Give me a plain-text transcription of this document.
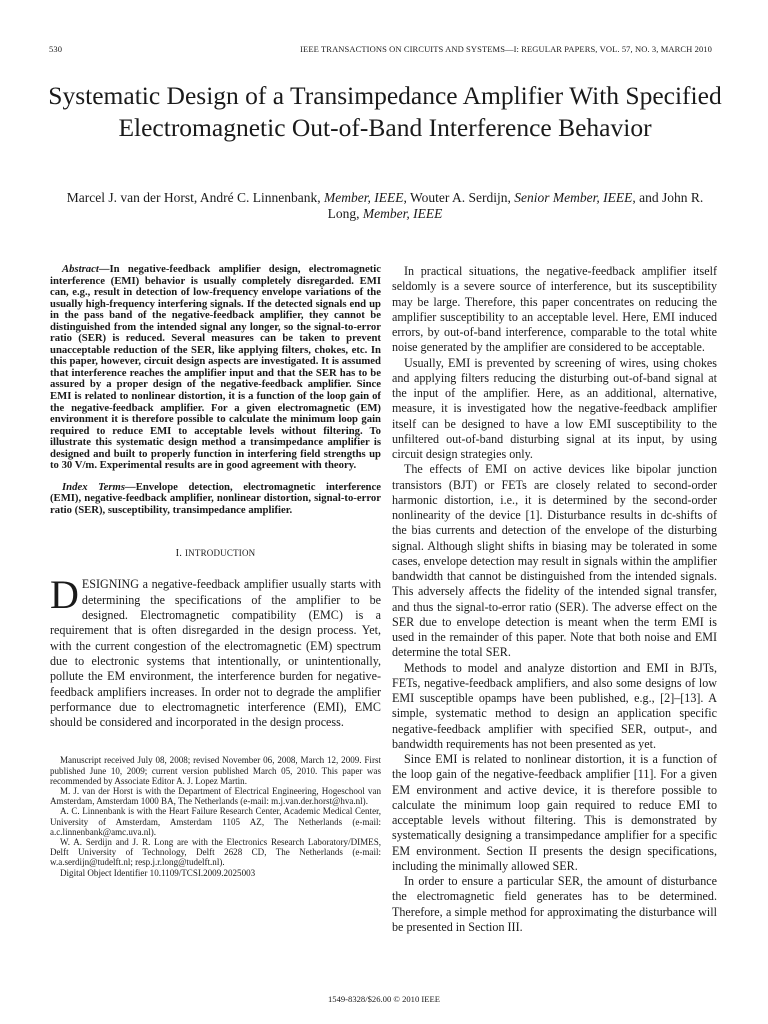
530	IEEE TRANSACTIONS ON CIRCUITS AND SYSTEMS—I: REGULAR PAPERS, VOL. 57, NO. 3, MARCH 2010
Systematic Design of a Transimpedance Amplifier With Specified Electromagnetic Out-of-Band Interference Behavior
Marcel J. van der Horst, André C. Linnenbank, Member, IEEE, Wouter A. Serdijn, Senior Member, IEEE, and John R. Long, Member, IEEE

Abstract—In negative-feedback amplifier design, electromagnetic interference (EMI) behavior is usually completely disregarded. EMI can, e.g., result in detection of low-frequency envelope variations of the usually high-frequency interfering signals. If the detected signals end up in the pass band of the negative-feedback amplifier, they cannot be distinguished from the intended signal any longer, so the signal-to-error ratio (SER) is reduced. Several measures can be taken to prevent unacceptable reduction of the SER, like applying filters, chokes, etc. In this paper, however, circuit design aspects are investigated. It is assumed that interference reaches the amplifier input and that the SER has to be assured by a proper design of the negative-feedback amplifier. Since EMI is related to nonlinear distortion, it is a function of the loop gain of the negative-feedback amplifier. For a given electromagnetic (EM) environment it is therefore possible to calculate the minimum loop gain required to reduce EMI to acceptable levels without filtering. To illustrate this systematic design method a transimpedance amplifier is designed and built to properly function in interfering field strengths up to 30 V/m. Experimental results are in good agreement with theory.

Index Terms—Envelope detection, electromagnetic interference (EMI), negative-feedback amplifier, nonlinear distortion, signal-to-error ratio (SER), susceptibility, transimpedance amplifier.

I. INTRODUCTION

DESIGNING a negative-feedback amplifier usually starts with determining the specifications of the amplifier to be designed. Electromagnetic compatibility (EMC) is a requirement that is often disregarded in the design process. Yet, with the current congestion of the electromagnetic (EM) spectrum due to electronic systems that intentionally, or unintentionally, pollute the EM environment, the interference burden for negative-feedback amplifiers increases. In order not to degrade the amplifier performance due to electromagnetic interference (EMI), EMC should be considered and incorporated in the design process.

Manuscript received July 08, 2008; revised November 06, 2008, March 12, 2009. First published June 10, 2009; current version published March 05, 2010. This paper was recommended by Associate Editor A. J. Lopez Martin.

M. J. van der Horst is with the Department of Electrical Engineering, Hogeschool van Amsterdam, Amsterdam 1000 BA, The Netherlands (e-mail: m.j.van.der.horst@hva.nl).

A. C. Linnenbank is with the Heart Failure Research Center, Academic Medical Center, University of Amsterdam, Amsterdam 1105 AZ, The Netherlands (e-mail: a.c.linnenbank@amc.uva.nl).

W. A. Serdijn and J. R. Long are with the Electronics Research Laboratory/DIMES, Delft University of Technology, Delft 2628 CD, The Netherlands (e-mail: w.a.serdijn@tudelft.nl; resp.j.r.long@tudelft.nl).

Digital Object Identifier 10.1109/TCSI.2009.2025003

In practical situations, the negative-feedback amplifier itself seldomly is a severe source of interference, but its susceptibility may be large. Therefore, this paper concentrates on reducing the amplifier susceptibility to an acceptable level. Here, EMI induced errors, by out-of-band interference, comparable to the total white noise generated by the amplifier are considered to be acceptable.

Usually, EMI is prevented by screening of wires, using chokes and applying filters reducing the disturbing out-of-band signal at the input of the amplifier. Here, as an additional, alternative, measure, it is investigated how the negative-feedback amplifier itself can be designed to have a low EMI susceptibility to the unfiltered out-of-band disturbing signal at its input, by using circuit design strategies only.

The effects of EMI on active devices like bipolar junction transistors (BJT) or FETs are closely related to second-order harmonic distortion, i.e., it is determined by the second-order nonlinearity of the device [1]. Disturbance results in dc-shifts of the bias currents and detection of the envelope of the disturbing signal. Although slight shifts in biasing may be tolerated in some cases, envelope detection may result in signals within the amplifier bandwidth that cannot be distinguished from the intended signals. This adversely affects the fidelity of the intended signal transfer, and thus the signal-to-error ratio (SER). The adverse effect on the SER due to envelope detection is meant when the term EMI is used in the remainder of this paper. Note that both noise and EMI determine the total SER.

Methods to model and analyze distortion and EMI in BJTs, FETs, negative-feedback amplifiers, and also some designs of low EMI susceptible opamps have been published, e.g., [2]–[13]. A simple, systematic method to design an application specific negative-feedback amplifier with specified SER, output-, and bandwidth requirements has not been presented as yet.

Since EMI is related to nonlinear distortion, it is a function of the loop gain of the negative-feedback amplifier [11]. For a given EM environment and active device, it is therefore possible to calculate the minimum loop gain required to reduce EMI to acceptable levels without filtering. This is demonstrated by systematically designing a transimpedance amplifier for a specific EM environment. Section II presents the design specifications, including the minimally allowed SER.

In order to ensure a particular SER, the amount of disturbance the electromagnetic field generates has to be determined. Therefore, a simple method for approximating the disturbance will be presented in Section III.

1549-8328/$26.00 © 2010 IEEE
